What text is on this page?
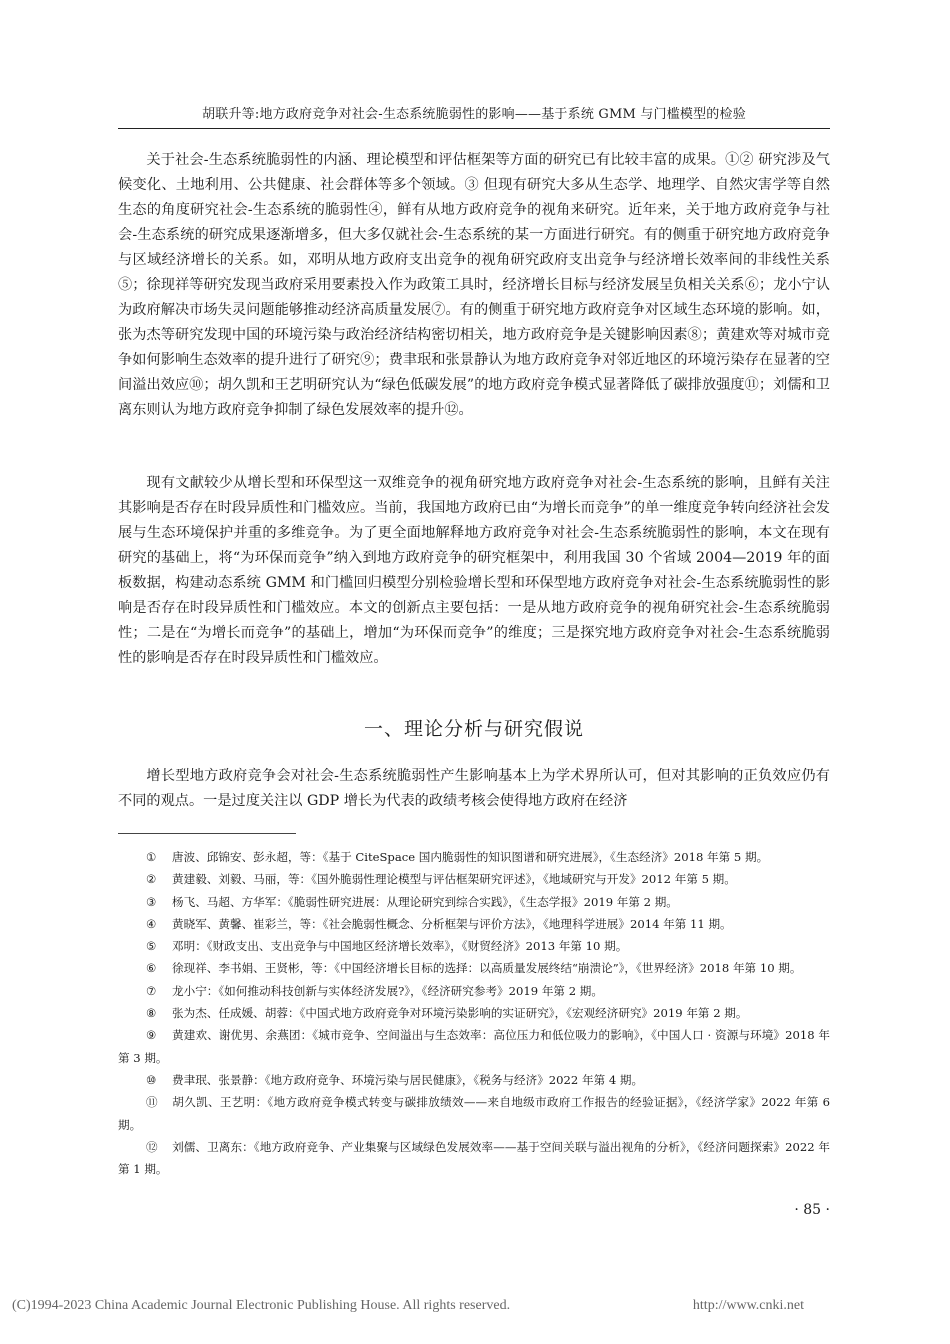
胡联升等:地方政府竞争对社会-生态系统脆弱性的影响——基于系统 GMM 与门槛模型的检验

关于社会-生态系统脆弱性的内涵、理论模型和评估框架等方面的研究已有比较丰富的成果。①② 研究涉及气候变化、土地利用、公共健康、社会群体等多个领域。③ 但现有研究大多从生态学、地理学、自然灾害学等自然生态的角度研究社会-生态系统的脆弱性④，鲜有从地方政府竞争的视角来研究。近年来，关于地方政府竞争与社会-生态系统的研究成果逐渐增多，但大多仅就社会-生态系统的某一方面进行研究。有的侧重于研究地方政府竞争与区域经济增长的关系。如，邓明从地方政府支出竞争的视角研究政府支出竞争与经济增长效率间的非线性关系⑤；徐现祥等研究发现当政府采用要素投入作为政策工具时，经济增长目标与经济发展呈负相关关系⑥；龙小宁认为政府解决市场失灵问题能够推动经济高质量发展⑦。有的侧重于研究地方政府竞争对区域生态环境的影响。如，张为杰等研究发现中国的环境污染与政治经济结构密切相关，地方政府竞争是关键影响因素⑧；黄建欢等对城市竞争如何影响生态效率的提升进行了研究⑨；费聿珉和张景静认为地方政府竞争对邻近地区的环境污染存在显著的空间溢出效应⑩；胡久凯和王艺明研究认为“绿色低碳发展”的地方政府竞争模式显著降低了碳排放强度⑪；刘儒和卫离东则认为地方政府竞争抑制了绿色发展效率的提升⑫。

现有文献较少从增长型和环保型这一双维竞争的视角研究地方政府竞争对社会-生态系统的影响，且鲜有关注其影响是否存在时段异质性和门槛效应。当前，我国地方政府已由“为增长而竞争”的单一维度竞争转向经济社会发展与生态环境保护并重的多维竞争。为了更全面地解释地方政府竞争对社会-生态系统脆弱性的影响，本文在现有研究的基础上，将“为环保而竞争”纳入到地方政府竞争的研究框架中，利用我国 30 个省域 2004—2019 年的面板数据，构建动态系统 GMM 和门槛回归模型分别检验增长型和环保型地方政府竞争对社会-生态系统脆弱性的影响是否存在时段异质性和门槛效应。本文的创新点主要包括：一是从地方政府竞争的视角研究社会-生态系统脆弱性；二是在“为增长而竞争”的基础上，增加“为环保而竞争”的维度；三是探究地方政府竞争对社会-生态系统脆弱性的影响是否存在时段异质性和门槛效应。

一、理论分析与研究假说

增长型地方政府竞争会对社会-生态系统脆弱性产生影响基本上为学术界所认可，但对其影响的正负效应仍有不同的观点。一是过度关注以 GDP 增长为代表的政绩考核会使得地方政府在经济

① 唐波、邱锦安、彭永超，等：《基于 CiteSpace 国内脆弱性的知识图谱和研究进展》，《生态经济》2018 年第 5 期。
② 黄建毅、刘毅、马丽，等：《国外脆弱性理论模型与评估框架研究评述》，《地域研究与开发》2012 年第 5 期。
③ 杨飞、马超、方华军：《脆弱性研究进展：从理论研究到综合实践》，《生态学报》2019 年第 2 期。
④ 黄晓军、黄馨、崔彩兰，等：《社会脆弱性概念、分析框架与评价方法》，《地理科学进展》2014 年第 11 期。
⑤ 邓明：《财政支出、支出竞争与中国地区经济增长效率》，《财贸经济》2013 年第 10 期。
⑥ 徐现祥、李书娟、王贤彬，等：《中国经济增长目标的选择：以高质量发展终结“崩溃论”》，《世界经济》2018 年第 10 期。
⑦ 龙小宁：《如何推动科技创新与实体经济发展?》，《经济研究参考》2019 年第 2 期。
⑧ 张为杰、任成媛、胡蓉：《中国式地方政府竞争对环境污染影响的实证研究》，《宏观经济研究》2019 年第 2 期。
⑨ 黄建欢、谢优男、余燕团：《城市竞争、空间溢出与生态效率：高位压力和低位吸力的影响》，《中国人口 · 资源与环境》2018 年第 3 期。
⑩ 费聿珉、张景静：《地方政府竞争、环境污染与居民健康》，《税务与经济》2022 年第 4 期。
⑪ 胡久凯、王艺明：《地方政府竞争模式转变与碳排放绩效——来自地级市政府工作报告的经验证据》，《经济学家》2022 年第 6 期。
⑫ 刘儒、卫离东：《地方政府竞争、产业集聚与区域绿色发展效率——基于空间关联与溢出视角的分析》，《经济问题探索》2022 年第 1 期。
· 85 ·
(C)1994-2023 China Academic Journal Electronic Publishing House. All rights reserved.	http://www.cnki.net
